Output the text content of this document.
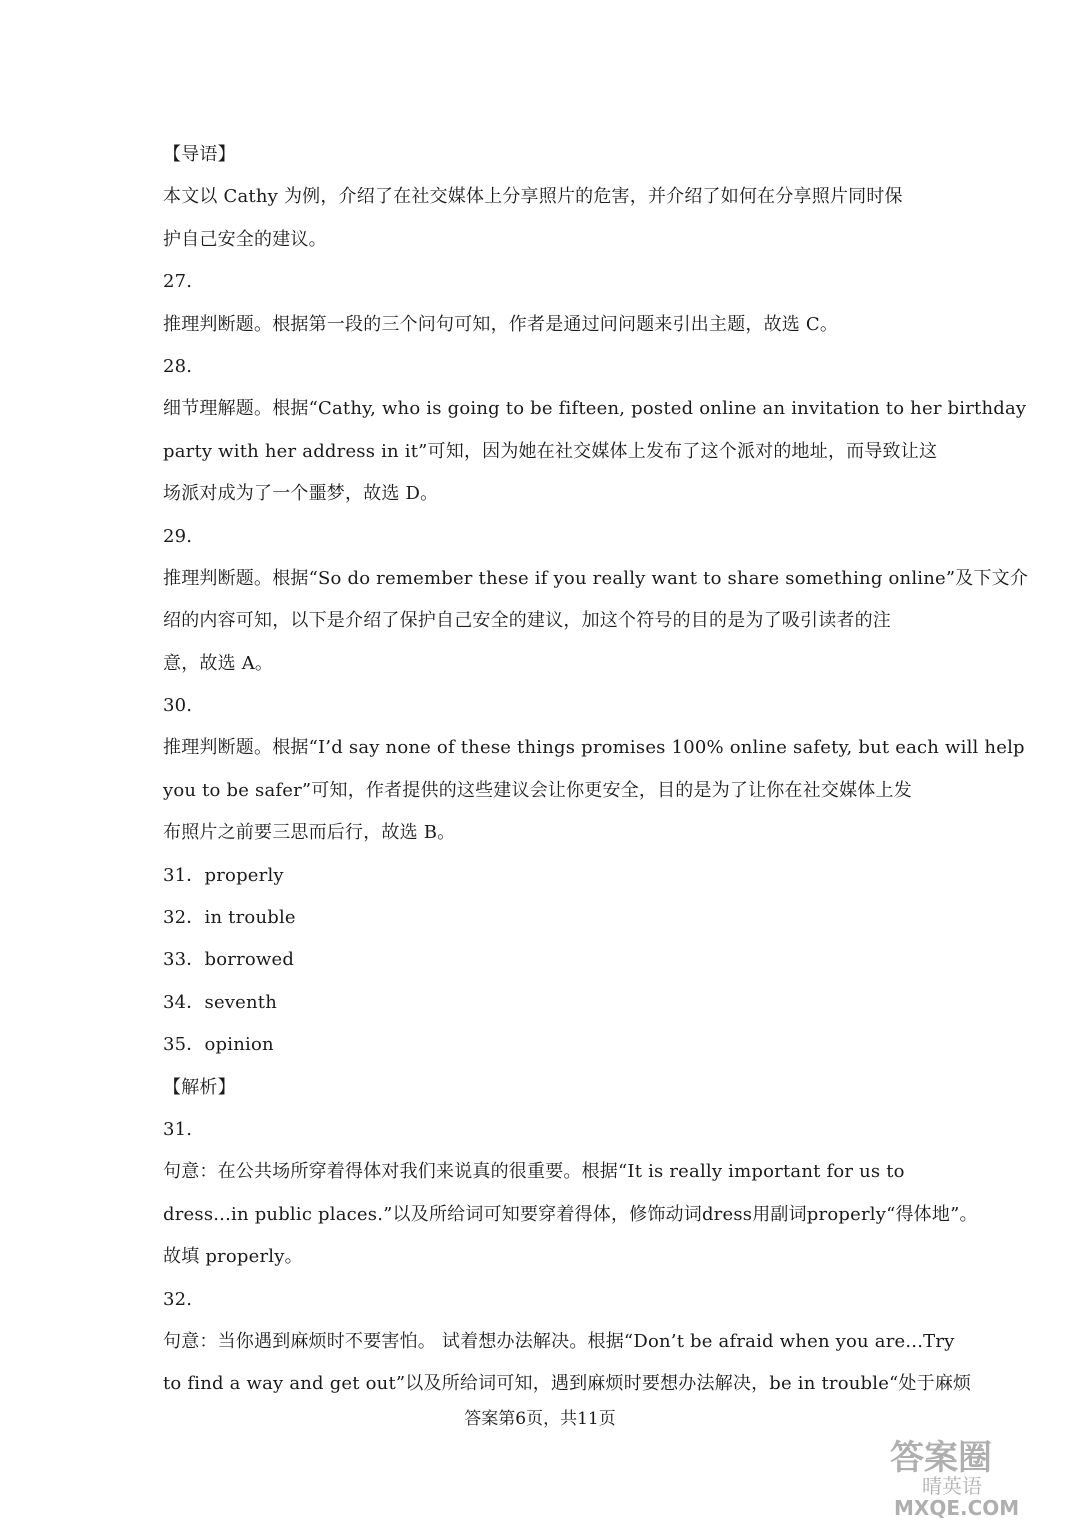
【导语】
本文以 Cathy 为例，介绍了在社交媒体上分享照片的危害，并介绍了如何在分享照片同时保
护自己安全的建议。
27.
推理判断题。根据第一段的三个问句可知，作者是通过问问题来引出主题，故选 C。
28.
细节理解题。根据“Cathy, who is going to be fifteen, posted online an invitation to her birthday
party with her address in it”可知，因为她在社交媒体上发布了这个派对的地址，而导致让这
场派对成为了一个噩梦，故选 D。
29.
推理判断题。根据“So do remember these if you really want to share something online”及下文介
绍的内容可知，以下是介绍了保护自己安全的建议，加这个符号的目的是为了吸引读者的注
意，故选 A。
30.
推理判断题。根据“I’d say none of these things promises 100% online safety, but each will help
you to be safer”可知，作者提供的这些建议会让你更安全，目的是为了让你在社交媒体上发
布照片之前要三思而后行，故选 B。
31．properly
32．in trouble
33．borrowed
34．seventh
35．opinion
【解析】
31.
句意：在公共场所穿着得体对我们来说真的很重要。根据“It is really important for us to
dress...in public places.”以及所给词可知要穿着得体，修饰动词dress用副词properly“得体地”。
故填 properly。
32.
句意：当你遇到麻烦时不要害怕。 试着想办法解决。根据“Don’t be afraid when you are...Try
to find a way and get out”以及所给词可知，遇到麻烦时要想办法解决，be in trouble“处于麻烦
答案第6页，共11页
答案圈
晴英语
MXQE.COM
